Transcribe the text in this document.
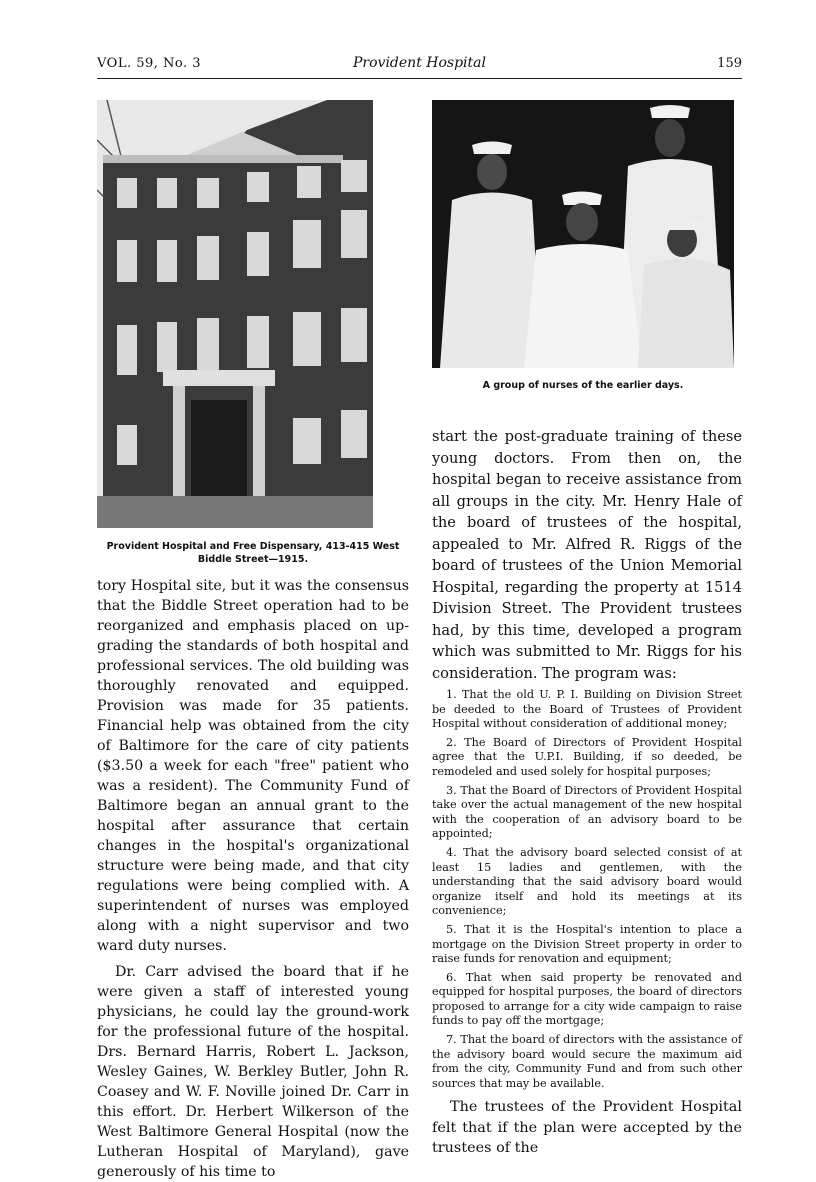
VOL. 59, No. 3	Provident Hospital	159
Provident Hospital and Free Dispensary, 413-415 West Biddle Street—1915.

tory Hospital site, but it was the consensus that the Biddle Street operation had to be reorganized and emphasis placed on up-grading the standards of both hospital and professional services. The old building was thoroughly renovated and equipped. Provision was made for 35 patients. Financial help was obtained from the city of Baltimore for the care of city patients ($3.50 a week for each "free" patient who was a resident). The Community Fund of Baltimore began an annual grant to the hospital after assurance that certain changes in the hospital's organizational structure were being made, and that city regulations were being complied with. A superintendent of nurses was employed along with a night supervisor and two ward duty nurses.

Dr. Carr advised the board that if he were given a staff of interested young physicians, he could lay the ground-work for the professional future of the hospital. Drs. Bernard Harris, Robert L. Jackson, Wesley Gaines, W. Berkley Butler, John R. Coasey and W. F. Noville joined Dr. Carr in this effort. Dr. Herbert Wilkerson of the West Baltimore General Hospital (now the Lutheran Hospital of Maryland), gave generously of his time to

A group of nurses of the earlier days.

start the post-graduate training of these young doctors. From then on, the hospital began to receive assistance from all groups in the city. Mr. Henry Hale of the board of trustees of the hospital, appealed to Mr. Alfred R. Riggs of the board of trustees of the Union Memorial Hospital, regarding the property at 1514 Division Street. The Provident trustees had, by this time, developed a program which was submitted to Mr. Riggs for his consideration. The program was:

1. That the old U. P. I. Building on Division Street be deeded to the Board of Trustees of Provident Hospital without consideration of additional money;
2. The Board of Directors of Provident Hospital agree that the U.P.I. Building, if so deeded, be remodeled and used solely for hospital purposes;
3. That the Board of Directors of Provident Hospital take over the actual management of the new hospital with the cooperation of an advisory board to be appointed;
4. That the advisory board selected consist of at least 15 ladies and gentlemen, with the understanding that the said advisory board would organize itself and hold its meetings at its convenience;
5. That it is the Hospital's intention to place a mortgage on the Division Street property in order to raise funds for renovation and equipment;
6. That when said property be renovated and equipped for hospital purposes, the board of directors proposed to arrange for a city wide campaign to raise funds to pay off the mortgage;
7. That the board of directors with the assistance of the advisory board would secure the maximum aid from the city, Community Fund and from such other sources that may be available.

The trustees of the Provident Hospital felt that if the plan were accepted by the trustees of the
